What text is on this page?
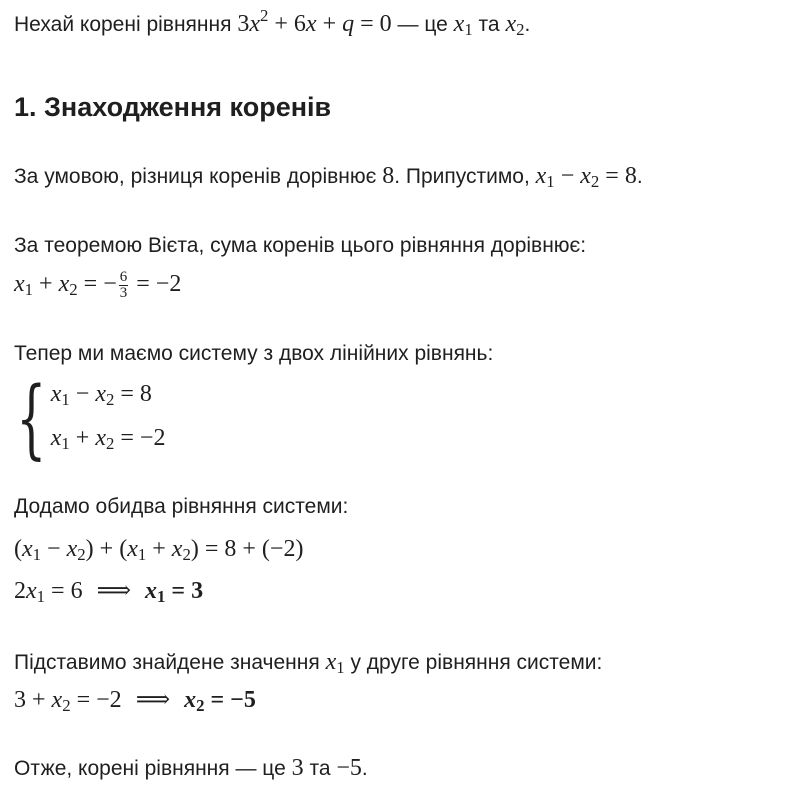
Нехай корені рівняння $3x^2 + 6x + q = 0$ — це $x_1$ та $x_2$.
1. Знаходження коренів
За умовою, різниця коренів дорівнює 8. Припустимо, $x_1 - x_2 = 8$.
За теоремою Вієта, сума коренів цього рівняння дорівнює:
$x_1 + x_2$ = − $\frac{6}{3} = -2$
Тепер ми маємо систему з двох лінійних рівнянь:
{ $x_1 - x_2 = 8$
$x_1 + x_2 = -2$
Додамо обидва рівняння системи:
$(x_1 - x_2) + (x_1 + x_2) = 8 + (-2)$
$2x_1 = 6$ ⟹ $x_1 = 3$
Підставимо знайдене значення $x_1$ у друге рівняння системи:
$3 + x_2 = -2$ ⟹ $x_2 = -5$
Отже, корені рівняння — це 3 та −5.
